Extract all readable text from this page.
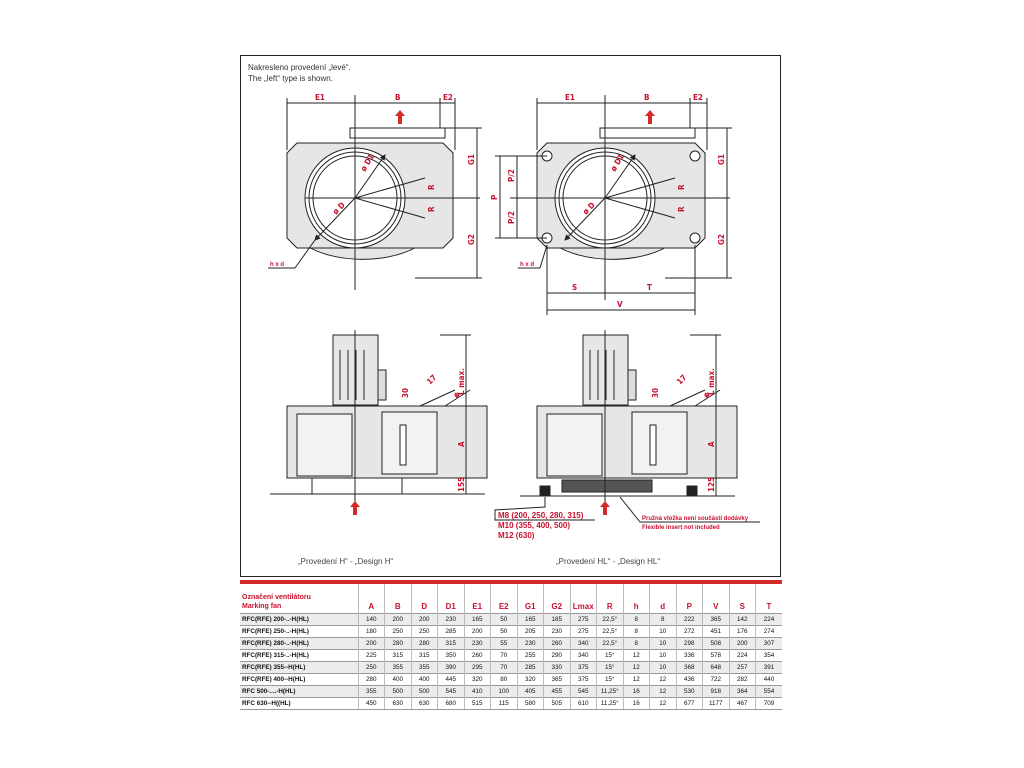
Nakresleno provedení „levé“.
The „left“ type is shown.
E1	B	E2
G1
G2
ø D1
ø D
R
R
h x d
E1	B	E2
G1
G2
P
P/2
P/2
ø D1
ø D
R
R
h x d
S	T
V
L max.
A
155
30
17
φ
„Provedení H“ - „Design H“
L max.
A
125
30
17
φ
M8 (200, 250, 280, 315)
M10 (355, 400, 500)
M12 (630)
Pružná vložka není součástí dodávky
Flexible insert not included
„Provedení HL“ - „Design HL“
Označení ventilátoru
Marking fan	A	B	D	D1	E1	E2	G1	G2	Lmax	R	h	d	P	V	S	T
RFC(RFE) 200-..-H(HL)	140	200	200	230	165	50	165	185	275	22,5°	8	8	222	365	142	224
RFC(RFE) 250-..-H(HL)	180	250	250	285	200	50	205	230	275	22,5°	8	10	272	451	176	274
RFC(RFE) 280-..-H(HL)	200	280	280	315	230	55	230	260	340	22,5°	8	10	298	508	200	307
RFC(RFE) 315-..-H(HL)	225	315	315	350	260	70	255	290	340	15°	12	10	336	578	224	354
RFC(RFE) 355--H(HL)	250	355	355	390	295	70	285	330	375	15°	12	10	368	648	257	391
RFC(RFE) 400--H(HL)	280	400	400	445	320	80	320	365	375	15°	12	12	436	722	282	440
RFC 500-....-H(HL)	355	500	500	545	410	100	405	455	545	11,25°	16	12	530	918	364	554
RFC 630--H((HL)	450	630	630	680	515	115	580	505	610	11,25°	16	12	677	1177	467	709
